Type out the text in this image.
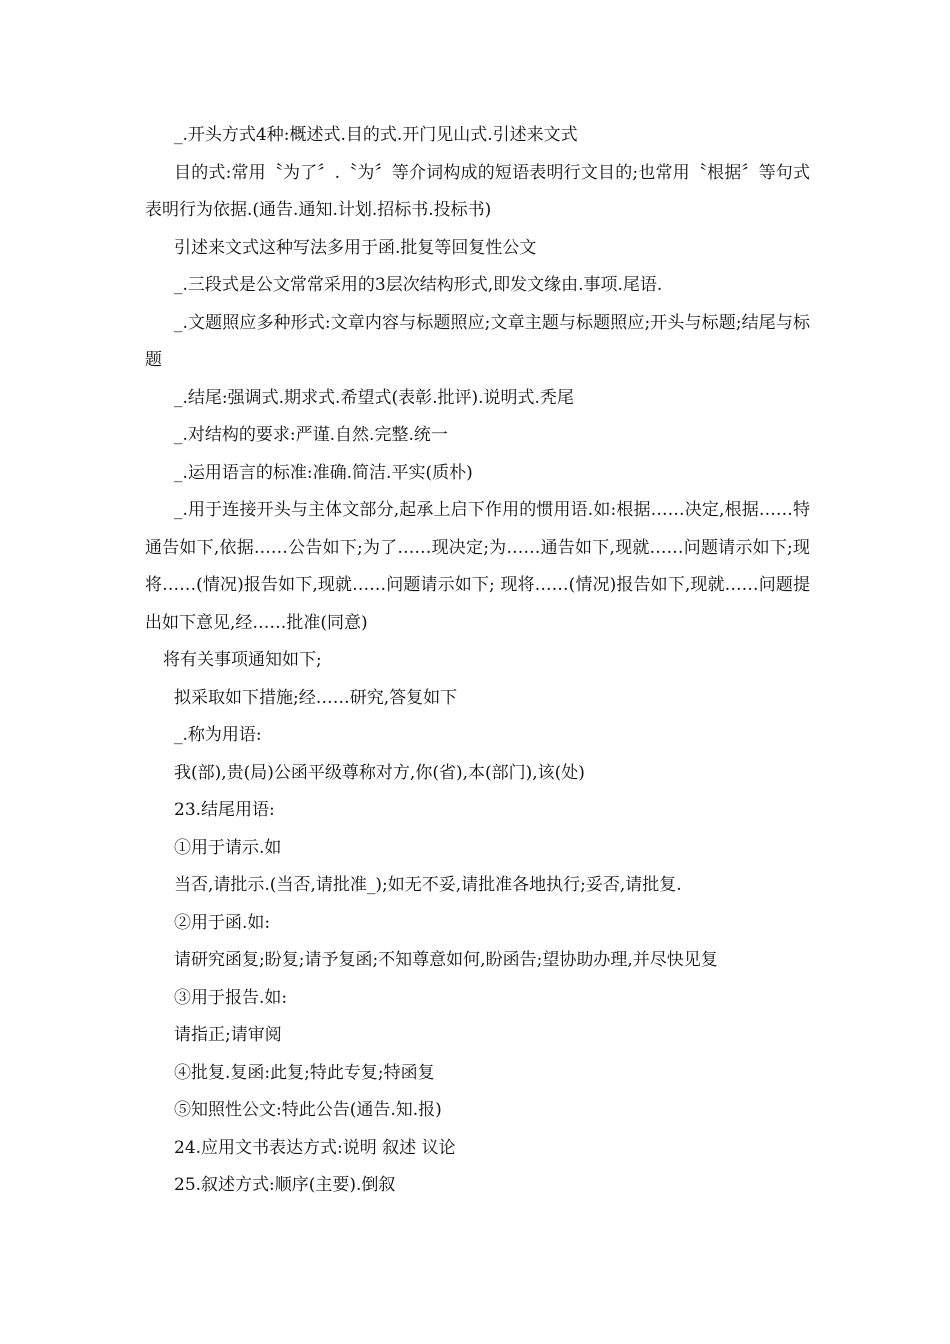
_.开头方式4种:概述式.目的式.开门见山式.引述来文式

目的式:常用〝为了〞.〝为〞等介词构成的短语表明行文目的;也常用〝根据〞等句式表明行为依据.(通告.通知.计划.招标书.投标书)

引述来文式这种写法多用于函.批复等回复性公文

_.三段式是公文常常采用的3层次结构形式,即发文缘由.事项.尾语.

_.文题照应多种形式:文章内容与标题照应;文章主题与标题照应;开头与标题;结尾与标题

_.结尾:强调式.期求式.希望式(表彰.批评).说明式.秃尾

_.对结构的要求:严谨.自然.完整.统一

_.运用语言的标准:准确.简洁.平实(质朴)

_.用于连接开头与主体文部分,起承上启下作用的惯用语.如:根据……决定,根据……特通告如下,依据……公告如下;为了……现决定;为……通告如下,现就……问题请示如下;现将……(情况)报告如下,现就……问题请示如下; 现将……(情况)报告如下,现就……问题提出如下意见,经……批准(同意)

将有关事项通知如下;

拟采取如下措施;经……研究,答复如下

_.称为用语:

我(部),贵(局)公函平级尊称对方,你(省),本(部门),该(处)

23.结尾用语:

①用于请示.如

当否,请批示.(当否,请批准_);如无不妥,请批准各地执行;妥否,请批复.

②用于函.如:

请研究函复;盼复;请予复函;不知尊意如何,盼函告;望协助办理,并尽快见复

③用于报告.如:

请指正;请审阅

④批复.复函:此复;特此专复;特函复

⑤知照性公文:特此公告(通告.知.报)

24.应用文书表达方式:说明 叙述 议论

25.叙述方式:顺序(主要).倒叙
